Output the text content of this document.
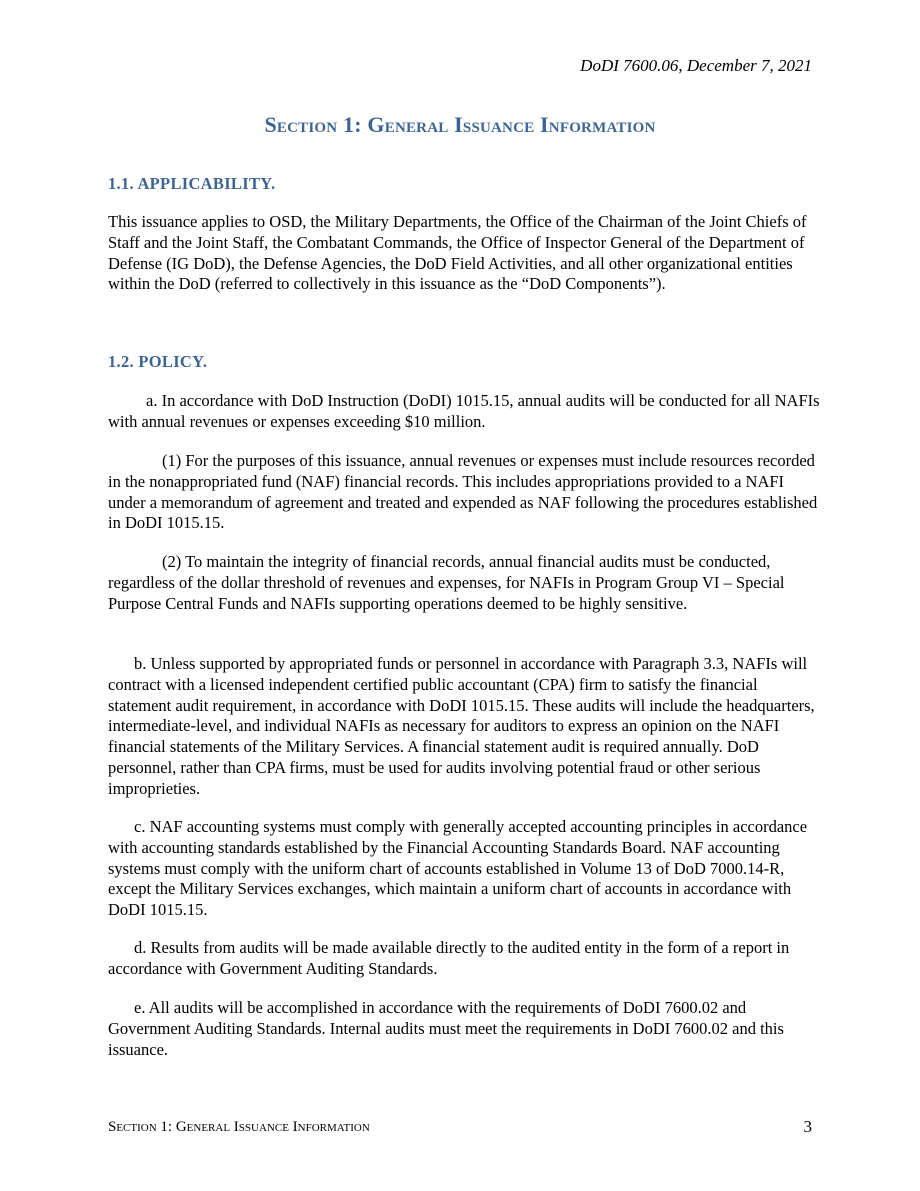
DoDI 7600.06, December 7, 2021
Section 1: General Issuance Information
1.1. APPLICABILITY.
This issuance applies to OSD, the Military Departments, the Office of the Chairman of the Joint Chiefs of Staff and the Joint Staff, the Combatant Commands, the Office of Inspector General of the Department of Defense (IG DoD), the Defense Agencies, the DoD Field Activities, and all other organizational entities within the DoD (referred to collectively in this issuance as the “DoD Components”).
1.2. POLICY.
a. In accordance with DoD Instruction (DoDI) 1015.15, annual audits will be conducted for all NAFIs with annual revenues or expenses exceeding $10 million.
(1) For the purposes of this issuance, annual revenues or expenses must include resources recorded in the nonappropriated fund (NAF) financial records. This includes appropriations provided to a NAFI under a memorandum of agreement and treated and expended as NAF following the procedures established in DoDI 1015.15.
(2) To maintain the integrity of financial records, annual financial audits must be conducted, regardless of the dollar threshold of revenues and expenses, for NAFIs in Program Group VI – Special Purpose Central Funds and NAFIs supporting operations deemed to be highly sensitive.
b. Unless supported by appropriated funds or personnel in accordance with Paragraph 3.3, NAFIs will contract with a licensed independent certified public accountant (CPA) firm to satisfy the financial statement audit requirement, in accordance with DoDI 1015.15. These audits will include the headquarters, intermediate-level, and individual NAFIs as necessary for auditors to express an opinion on the NAFI financial statements of the Military Services. A financial statement audit is required annually. DoD personnel, rather than CPA firms, must be used for audits involving potential fraud or other serious improprieties.
c. NAF accounting systems must comply with generally accepted accounting principles in accordance with accounting standards established by the Financial Accounting Standards Board. NAF accounting systems must comply with the uniform chart of accounts established in Volume 13 of DoD 7000.14-R, except the Military Services exchanges, which maintain a uniform chart of accounts in accordance with DoDI 1015.15.
d. Results from audits will be made available directly to the audited entity in the form of a report in accordance with Government Auditing Standards.
e. All audits will be accomplished in accordance with the requirements of DoDI 7600.02 and Government Auditing Standards. Internal audits must meet the requirements in DoDI 7600.02 and this issuance.
Section 1: General Issuance Information	3
